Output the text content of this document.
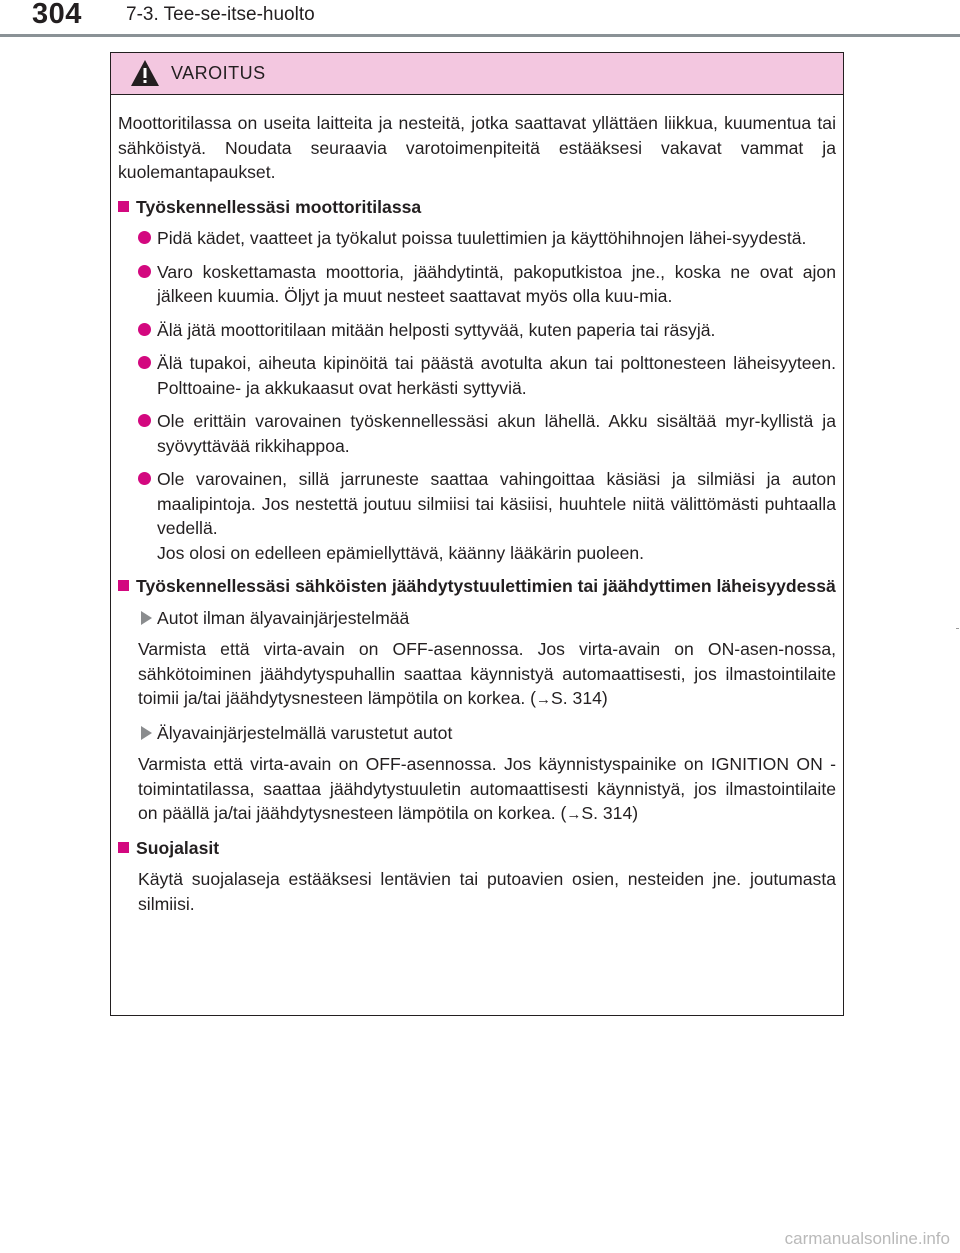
304 7-3. Tee-se-itse-huolto
VAROITUS

Moottoritilassa on useita laitteita ja nesteitä, jotka saattavat yllättäen liikkua, kuumentua tai sähköistyä. Noudata seuraavia varotoimenpiteitä estääksesi vakavat vammat ja kuolemantapaukset.

Työskennellessäsi moottoritilassa
Pidä kädet, vaatteet ja työkalut poissa tuulettimien ja käyttöhihnojen lähei-syydestä.
Varo koskettamasta moottoria, jäähdytintä, pakoputkistoa jne., koska ne ovat ajon jälkeen kuumia. Öljyt ja muut nesteet saattavat myös olla kuu-mia.
Älä jätä moottoritilaan mitään helposti syttyvää, kuten paperia tai räsyjä.
Älä tupakoi, aiheuta kipinöitä tai päästä avotulta akun tai polttonesteen läheisyyteen. Polttoaine- ja akkukaasut ovat herkästi syttyviä.
Ole erittäin varovainen työskennellessäsi akun lähellä. Akku sisältää myr-kyllistä ja syövyttävää rikkihappoa.
Ole varovainen, sillä jarruneste saattaa vahingoittaa käsiäsi ja silmiäsi ja auton maalipintoja. Jos nestettä joutuu silmiisi tai käsiisi, huuhtele niitä välittömästi puhtaalla vedellä.
Jos olosi on edelleen epämiellyttävä, käänny lääkärin puoleen.
Työskennellessäsi sähköisten jäähdytystuulettimien tai jäähdyttimen läheisyydessä
Autot ilman älyavainjärjestelmää

Varmista että virta-avain on OFF-asennossa. Jos virta-avain on ON-asen-nossa, sähkötoiminen jäähdytyspuhallin saattaa käynnistyä automaattisesti, jos ilmastointilaite toimii ja/tai jäähdytysnesteen lämpötila on korkea. (→S. 314)

Älyavainjärjestelmällä varustetut autot

Varmista että virta-avain on OFF-asennossa. Jos käynnistyspainike on IGNITION ON -toimintatilassa, saattaa jäähdytystuuletin automaattisesti käynnistyä, jos ilmastointilaite on päällä ja/tai jäähdytysnesteen lämpötila on korkea. (→S. 314)

Suojalasit

Käytä suojalaseja estääksesi lentävien tai putoavien osien, nesteiden jne. joutumasta silmiisi.

carmanualsonline.info
